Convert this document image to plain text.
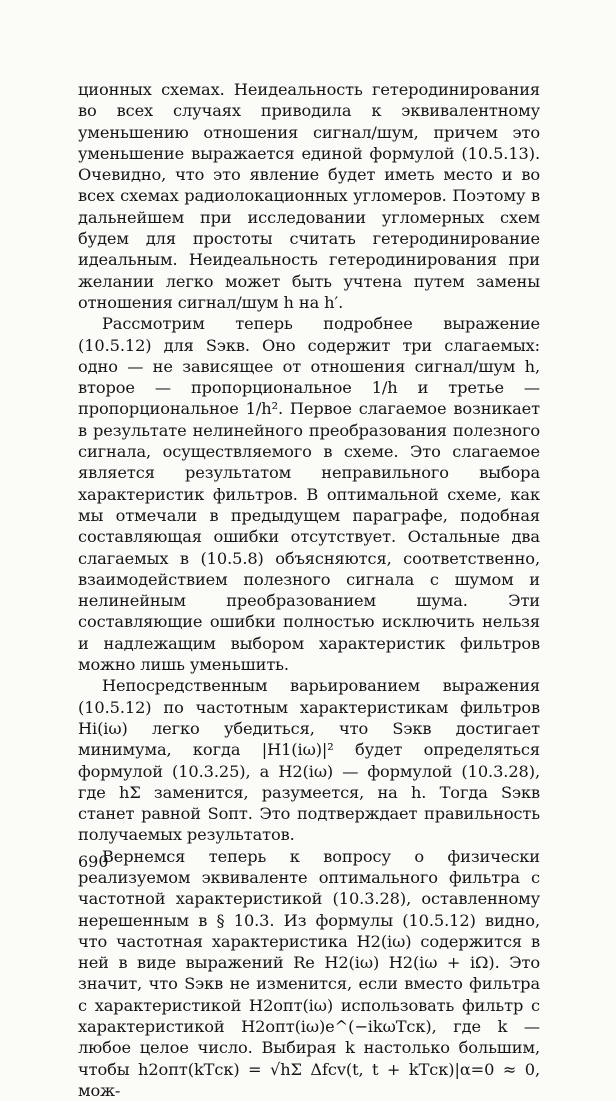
ционных схемах. Неидеальность гетеродинирования во всех случаях приводила к эквивалентному уменьшению отношения сигнал/шум, причем это уменьшение выражается единой формулой (10.5.13). Очевидно, что это явление будет иметь место и во всех схемах радиолокационных угломеров. Поэтому в дальнейшем при исследовании угломерных схем будем для простоты считать гетеродинирование идеальным. Неидеальность гетеродинирования при желании легко может быть учтена путем замены отношения сигнал/шум h на h′.

Рассмотрим теперь подробнее выражение (10.5.12) для Sэкв. Оно содержит три слагаемых: одно — не зависящее от отношения сигнал/шум h, второе — пропорциональное 1/h и третье — пропорциональное 1/h². Первое слагаемое возникает в результате нелинейного преобразования полезного сигнала, осуществляемого в схеме. Это слагаемое является результатом неправильного выбора характеристик фильтров. В оптимальной схеме, как мы отмечали в предыдущем параграфе, подобная составляющая ошибки отсутствует. Остальные два слагаемых в (10.5.8) объясняются, соответственно, взаимодействием полезного сигнала с шумом и нелинейным преобразованием шума. Эти составляющие ошибки полностью исключить нельзя и надлежащим выбором характеристик фильтров можно лишь уменьшить.

Непосредственным варьированием выражения (10.5.12) по частотным характеристикам фильтров Hi(iω) легко убедиться, что Sэкв достигает минимума, когда |H1(iω)|² будет определяться формулой (10.3.25), а H2(iω) — формулой (10.3.28), где hΣ заменится, разумеется, на h. Тогда Sэкв станет равной Sопт. Это подтверждает правильность получаемых результатов.

Вернемся теперь к вопросу о физически реализуемом эквиваленте оптимального фильтра с частотной характеристикой (10.3.28), оставленному нерешенным в § 10.3. Из формулы (10.5.12) видно, что частотная характеристика H2(iω) содержится в ней в виде выражений Re H2(iω) H2(iω + iΩ). Это значит, что Sэкв не изменится, если вместо фильтра с характеристикой H2опт(iω) использовать фильтр с характеристикой H2опт(iω)e^(−ikωTск), где k — любое целое число. Выбирая k настолько большим, чтобы h2опт(kTск) = √hΣ Δfсv(t, t + kTск)|α=0 ≈ 0, мож-

690
